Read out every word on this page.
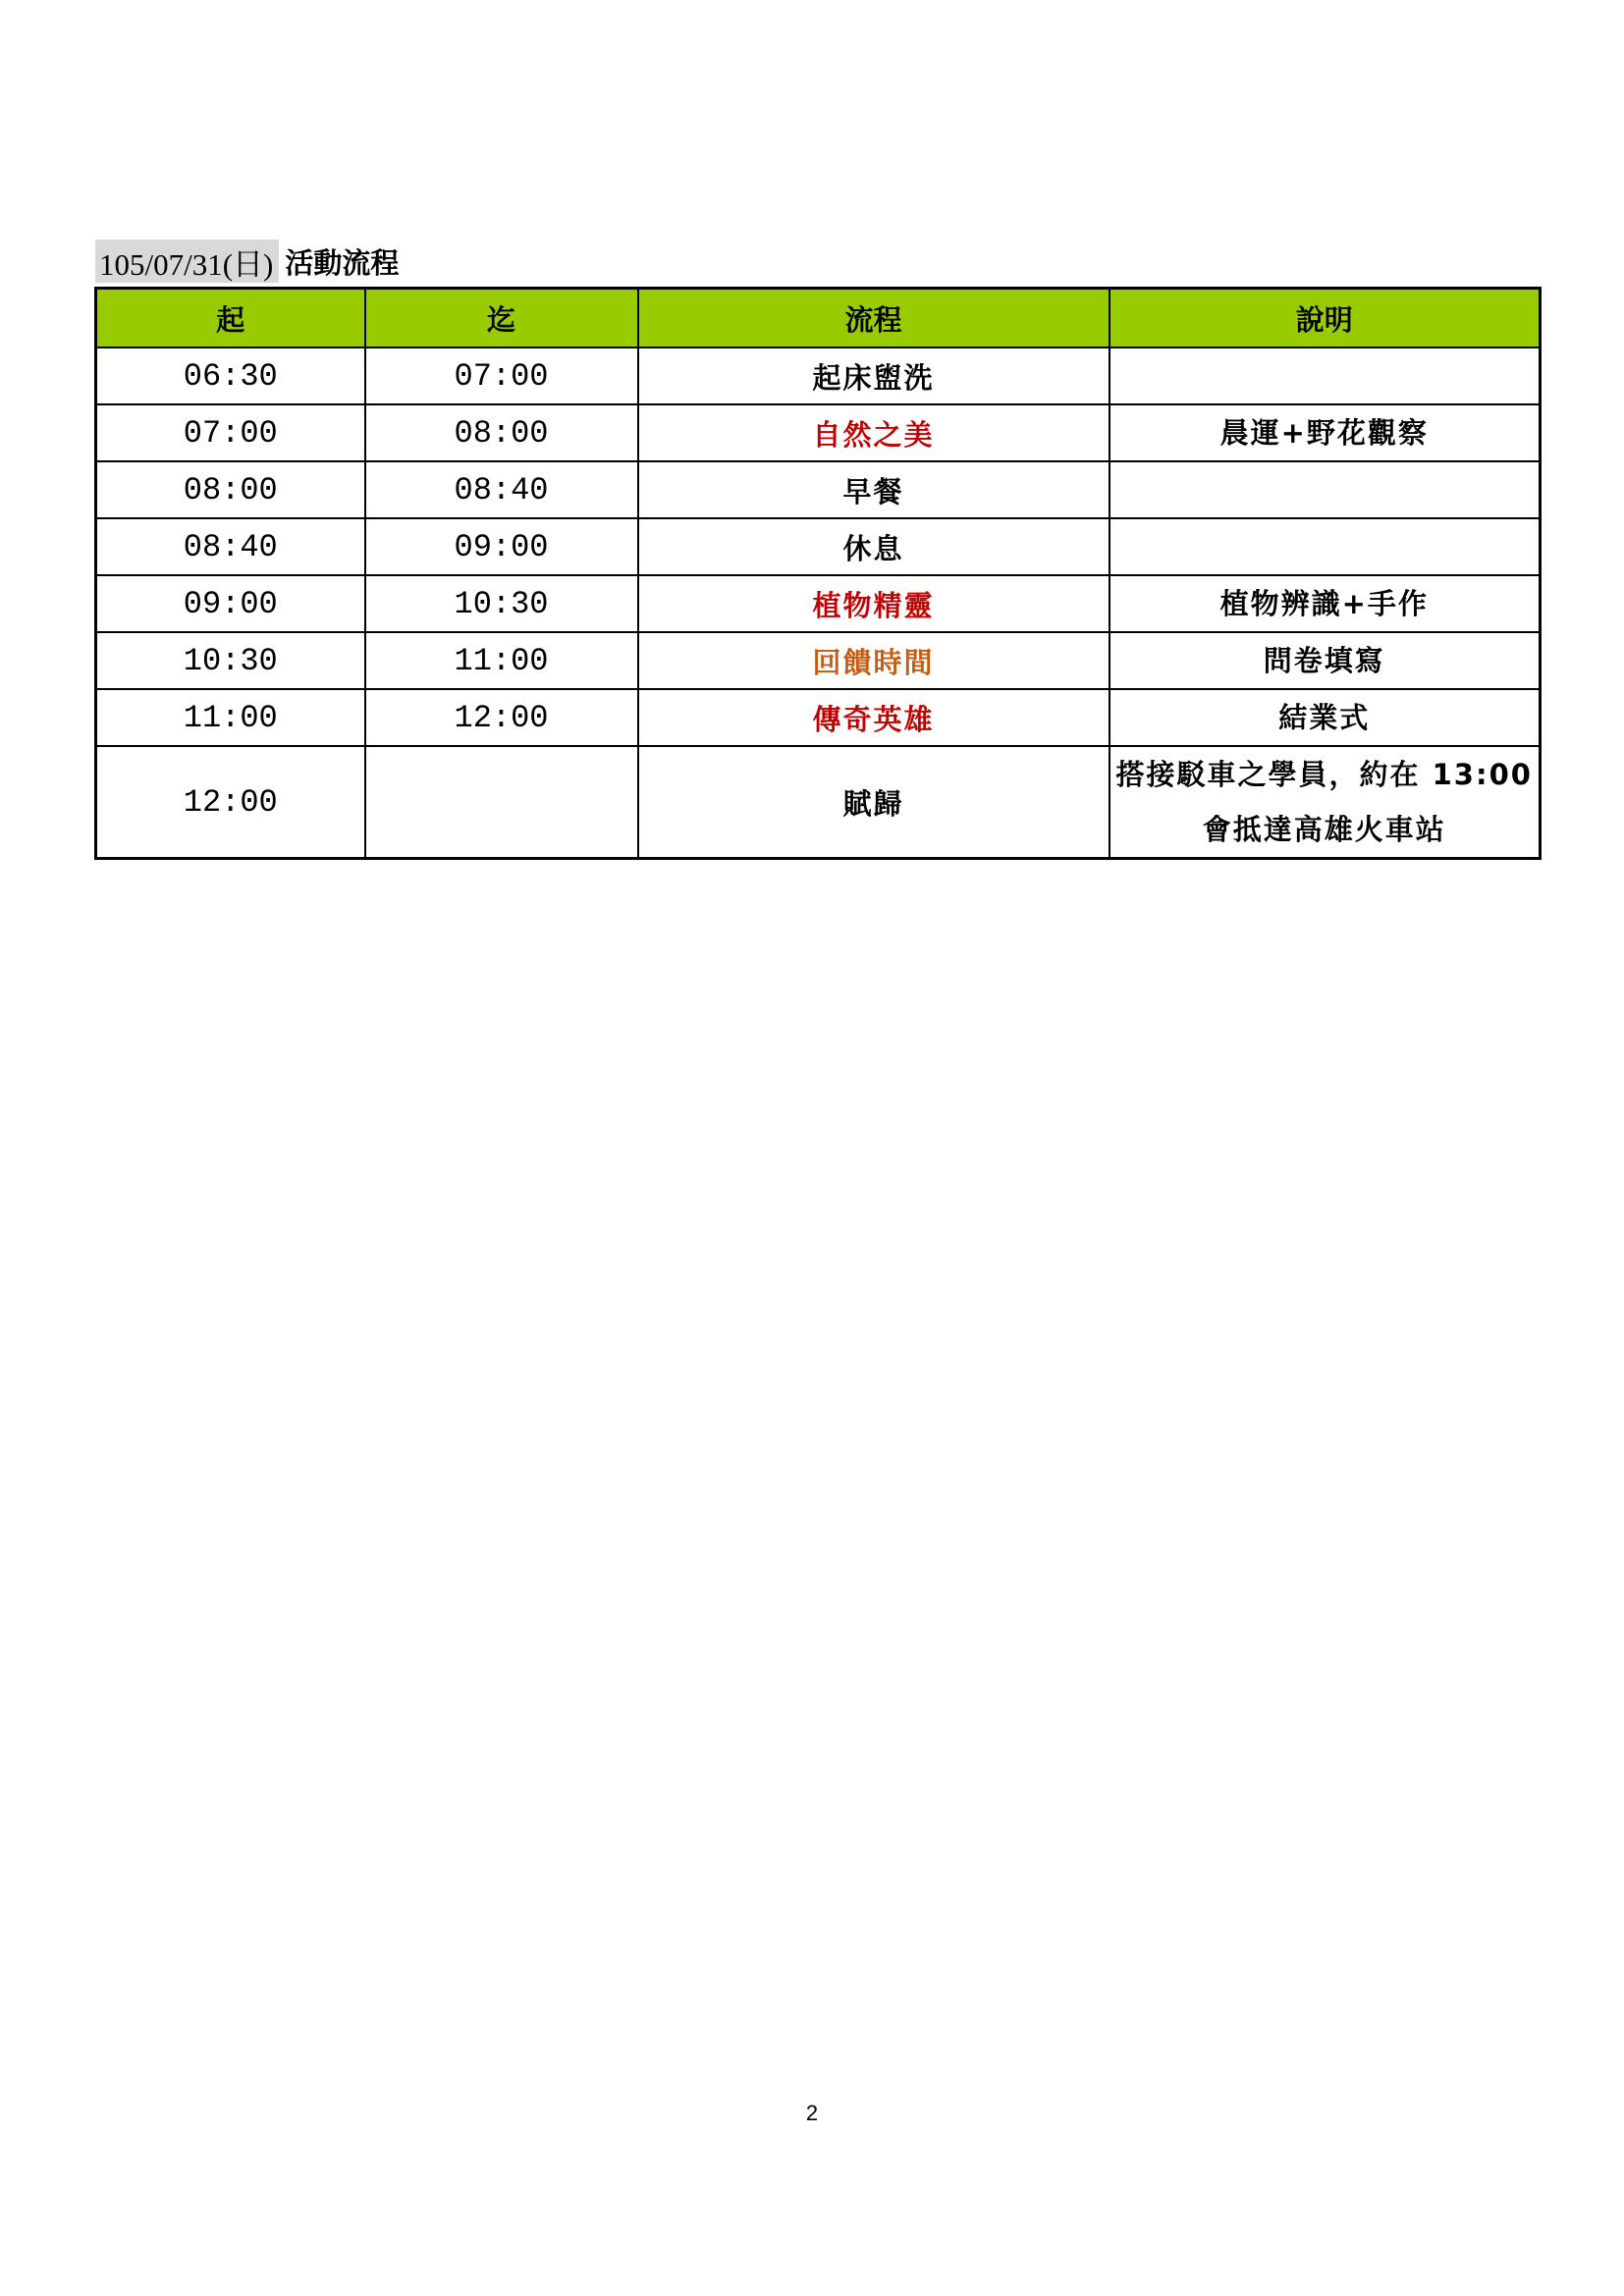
105/07/31(日) 活動流程
起	迄	流程	說明
06:30	07:00	起床盥洗	
07:00	08:00	自然之美	晨運+野花觀察
08:00	08:40	早餐	
08:40	09:00	休息	
09:00	10:30	植物精靈	植物辨識+手作
10:30	11:00	回饋時間	問卷填寫
11:00	12:00	傳奇英雄	結業式
12:00		賦歸	搭接駁車之學員，約在 13:00
會抵達高雄火車站
2
